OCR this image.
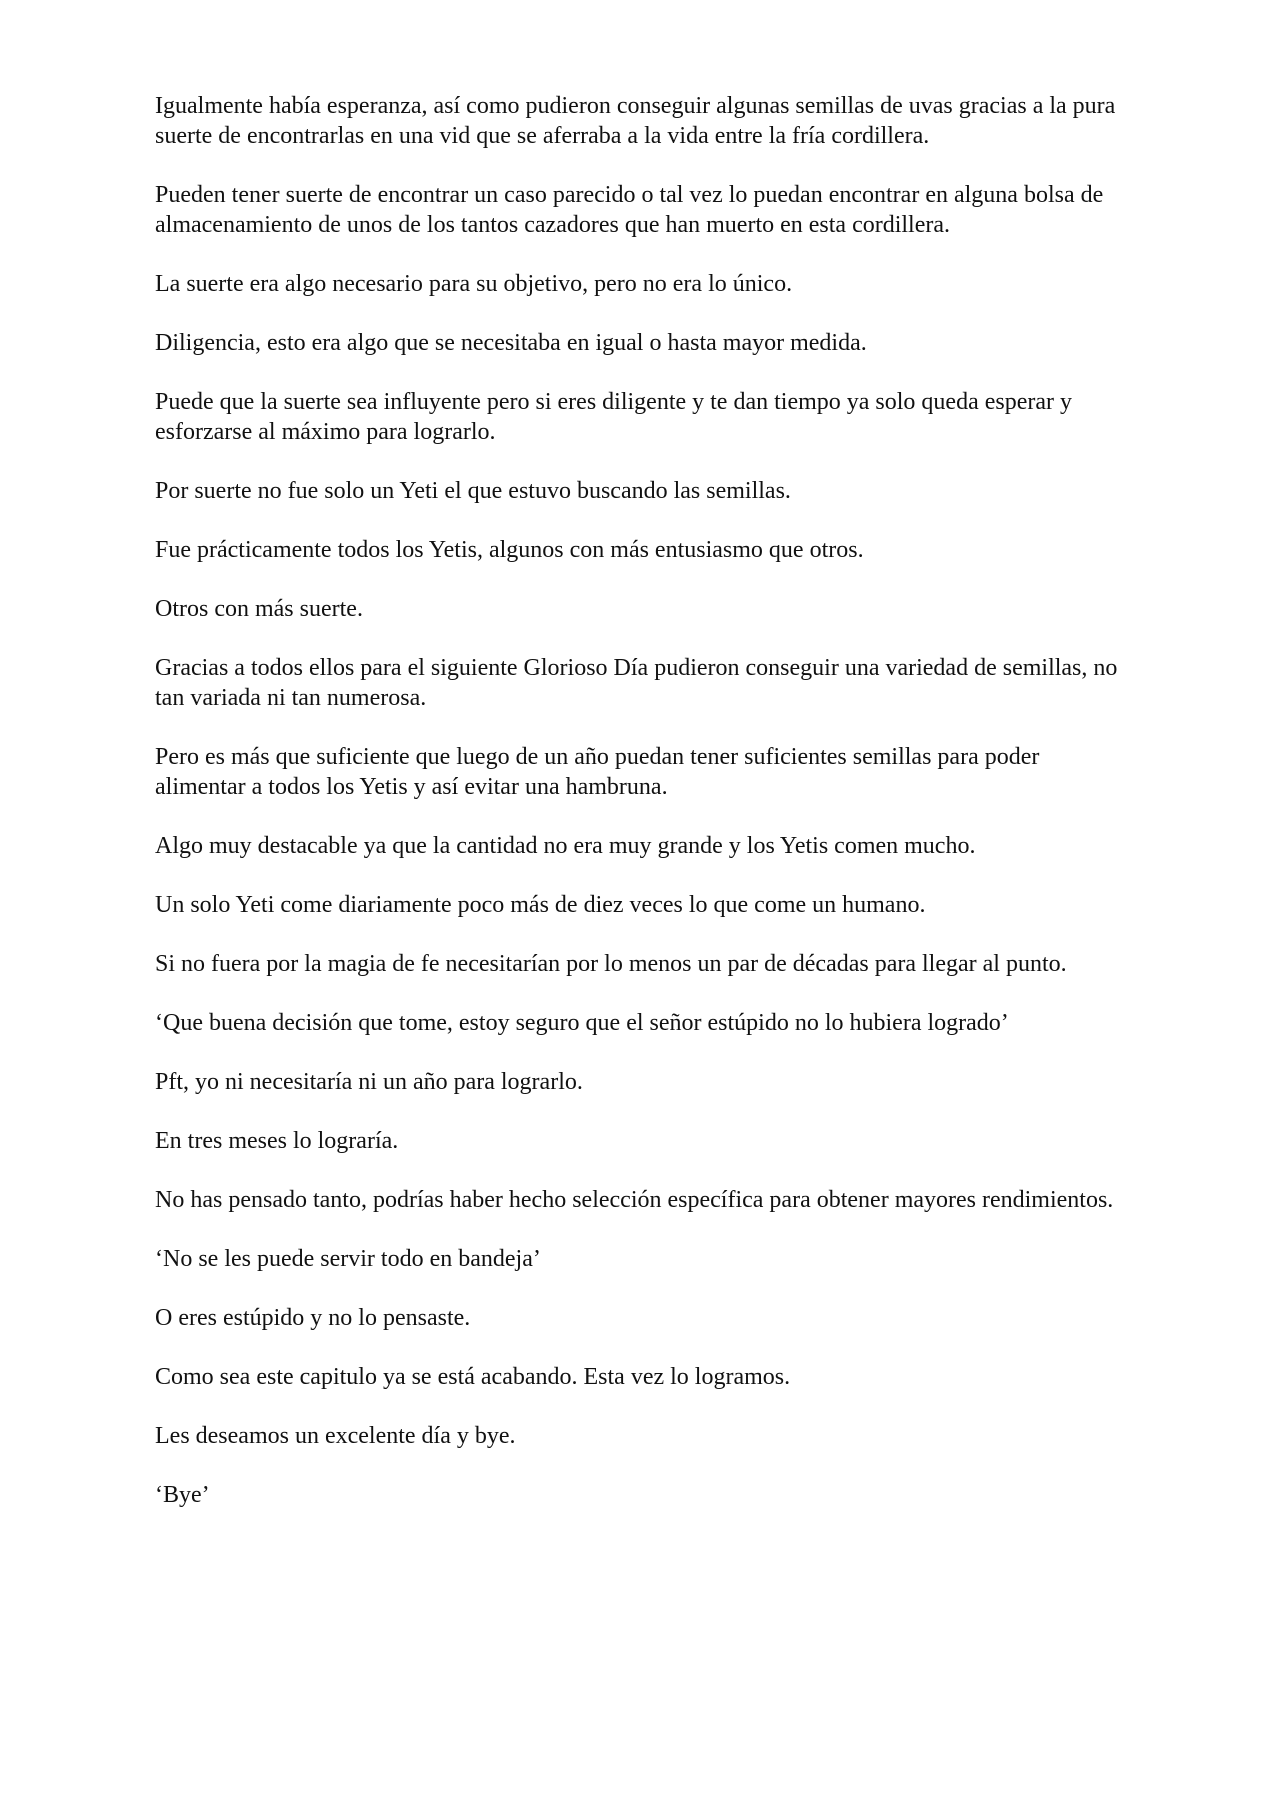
Igualmente había esperanza, así como pudieron conseguir algunas semillas de uvas gracias a la pura suerte de encontrarlas en una vid que se aferraba a la vida entre la fría cordillera.

Pueden tener suerte de encontrar un caso parecido o tal vez lo puedan encontrar en alguna bolsa de almacenamiento de unos de los tantos cazadores que han muerto en esta cordillera.

La suerte era algo necesario para su objetivo, pero no era lo único.

Diligencia, esto era algo que se necesitaba en igual o hasta mayor medida.

Puede que la suerte sea influyente pero si eres diligente y te dan tiempo ya solo queda esperar y esforzarse al máximo para lograrlo.

Por suerte no fue solo un Yeti el que estuvo buscando las semillas.

Fue prácticamente todos los Yetis, algunos con más entusiasmo que otros.

Otros con más suerte.

Gracias a todos ellos para el siguiente Glorioso Día pudieron conseguir una variedad de semillas, no tan variada ni tan numerosa.

Pero es más que suficiente que luego de un año puedan tener suficientes semillas para poder alimentar a todos los Yetis y así evitar una hambruna.

Algo muy destacable ya que la cantidad no era muy grande y los Yetis comen mucho.

Un solo Yeti come diariamente poco más de diez veces lo que come un humano.

Si no fuera por la magia de fe necesitarían por lo menos un par de décadas para llegar al punto.

‘Que buena decisión que tome, estoy seguro que el señor estúpido no lo hubiera logrado’

Pft, yo ni necesitaría ni un año para lograrlo.

En tres meses lo lograría.

No has pensado tanto, podrías haber hecho selección específica para obtener mayores rendimientos.

‘No se les puede servir todo en bandeja’

O eres estúpido y no lo pensaste.

Como sea este capitulo ya se está acabando. Esta vez lo logramos.

Les deseamos un excelente día y bye.

‘Bye’
